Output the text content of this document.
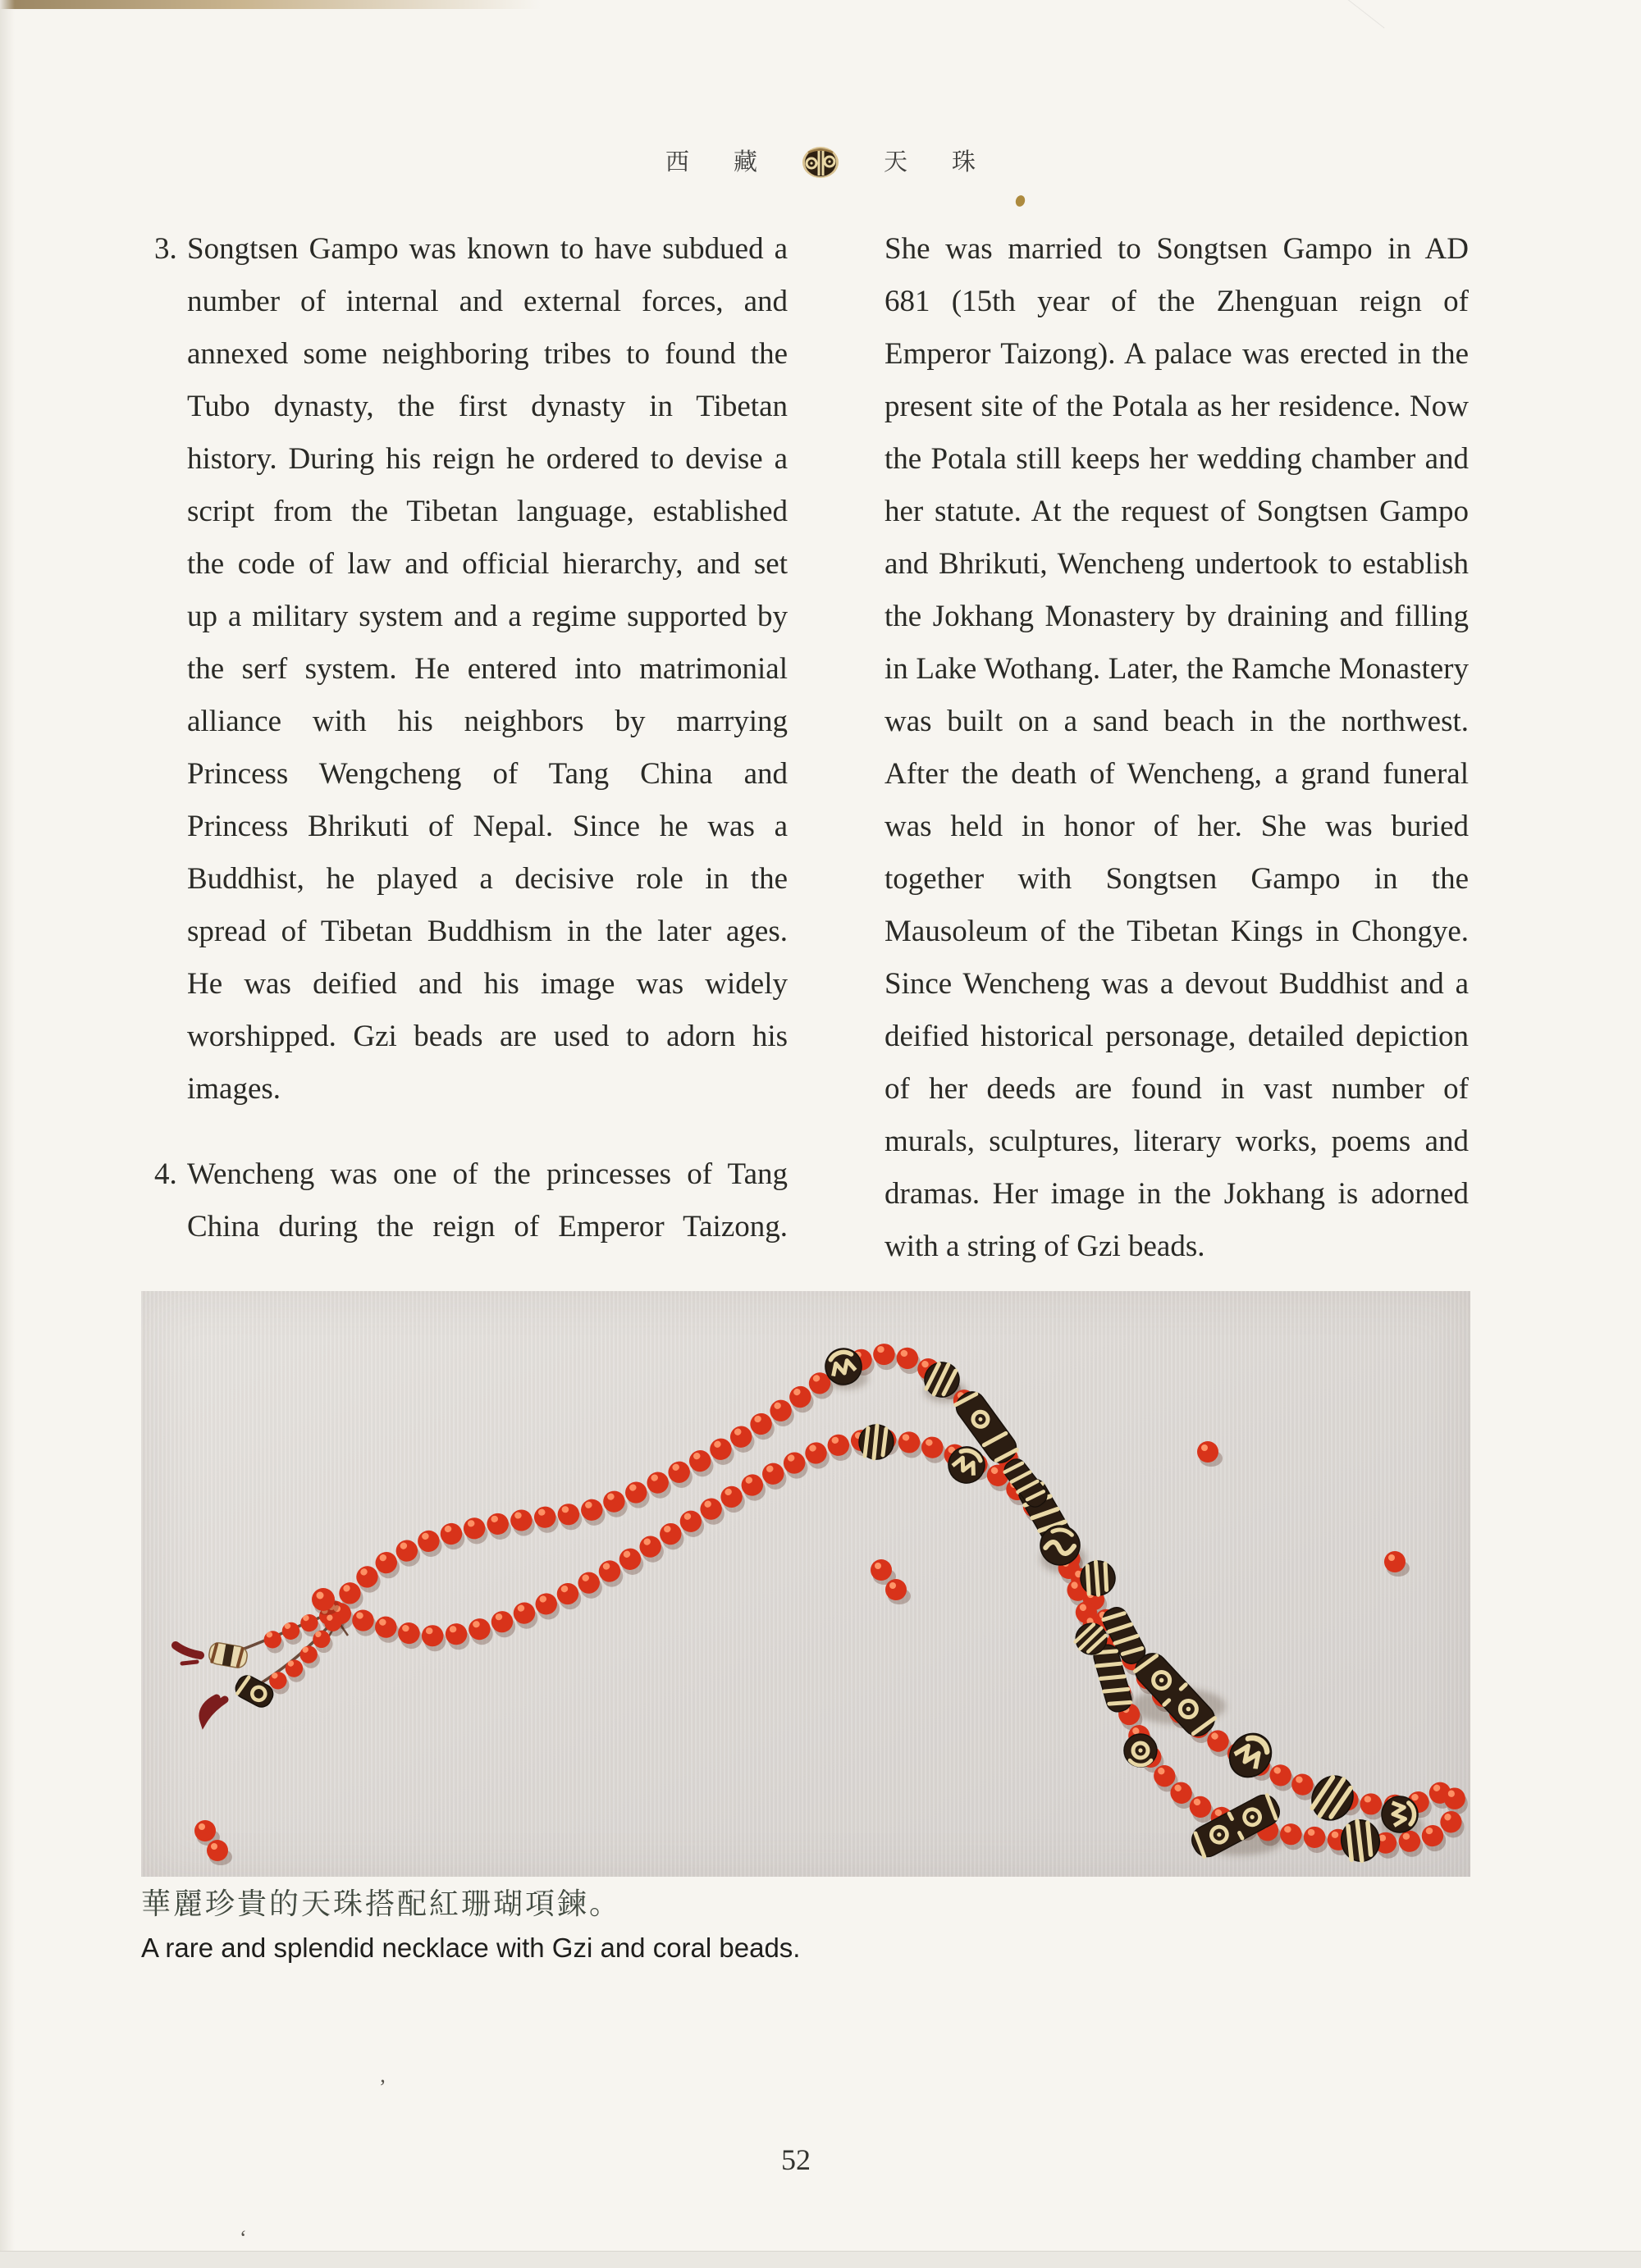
’
‘
西 藏	天 珠
3. Songtsen Gampo was known to have subdued a
number of internal and external forces, and
annexed some neighboring tribes to found the
Tubo dynasty, the first dynasty in Tibetan
history. During his reign he ordered to devise a
script from the Tibetan language, established
the code of law and official hierarchy, and set
up a military system and a regime supported by
the serf system. He entered into matrimonial
alliance with his neighbors by marrying
Princess Wengcheng of Tang China and
Princess Bhrikuti of Nepal. Since he was a
Buddhist, he played a decisive role in the
spread of Tibetan Buddhism in the later ages.
He was deified and his image was widely
worshipped. Gzi beads are used to adorn his
images.
4. Wencheng was one of the princesses of Tang
China during the reign of Emperor Taizong.
She was married to Songtsen Gampo in AD
681 (15th year of the Zhenguan reign of
Emperor Taizong). A palace was erected in the
present site of the Potala as her residence. Now
the Potala still keeps her wedding chamber and
her statute. At the request of Songtsen Gampo
and Bhrikuti, Wencheng undertook to establish
the Jokhang Monastery by draining and filling
in Lake Wothang. Later, the Ramche Monastery
was built on a sand beach in the northwest.
After the death of Wencheng, a grand funeral
was held in honor of her. She was buried
together with Songtsen Gampo in the
Mausoleum of the Tibetan Kings in Chongye.
Since Wencheng was a devout Buddhist and a
deified historical personage, detailed depiction
of her deeds are found in vast number of
murals, sculptures, literary works, poems and
dramas. Her image in the Jokhang is adorned
with a string of Gzi beads.
華麗珍貴的天珠搭配紅珊瑚項鍊。
A rare and splendid necklace with Gzi and coral beads.
52
